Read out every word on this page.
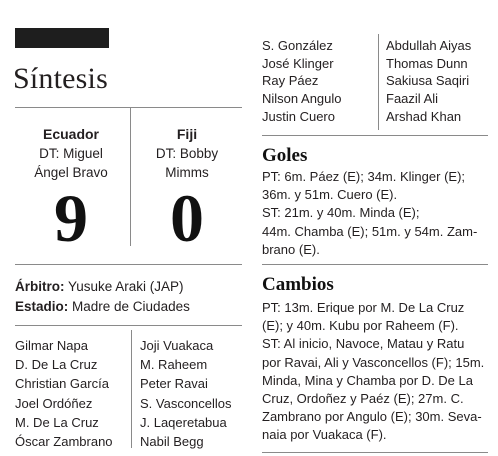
Síntesis
Ecuador
DT: Miguel
Ángel Bravo
9
Fiji
DT: Bobby
Mimms
0
Árbitro: Yusuke Araki (JAP)
Estadio: Madre de Ciudades
Gilmar Napa
D. De La Cruz
Christian García
Joel Ordóñez
M. De La Cruz
Óscar Zambrano
Joji Vuakaca
M. Raheem
Peter Ravai
S. Vasconcellos
J. Laqeretabua
Nabil Begg
S. González
José Klinger
Ray Páez
Nilson Angulo
Justin Cuero
Abdullah Aiyas
Thomas Dunn
Sakiusa Saqiri
Faazil Ali
Arshad Khan
Goles
PT: 6m. Páez (E); 34m. Klinger (E);
36m. y 51m. Cuero (E).
ST: 21m. y 40m. Minda (E);
44m. Chamba (E); 51m. y 54m. Zam-
brano (E).
Cambios
PT: 13m. Erique por M. De La Cruz
(E); y 40m. Kubu por Raheem (F).
ST: Al inicio, Navoce, Matau y Ratu
por Ravai, Ali y Vasconcellos (F); 15m.
Minda, Mina y Chamba por D. De La
Cruz, Ordoñez y Paéz (E); 27m. C.
Zambrano por Angulo (E); 30m. Seva-
naia por Vuakaca (F).
